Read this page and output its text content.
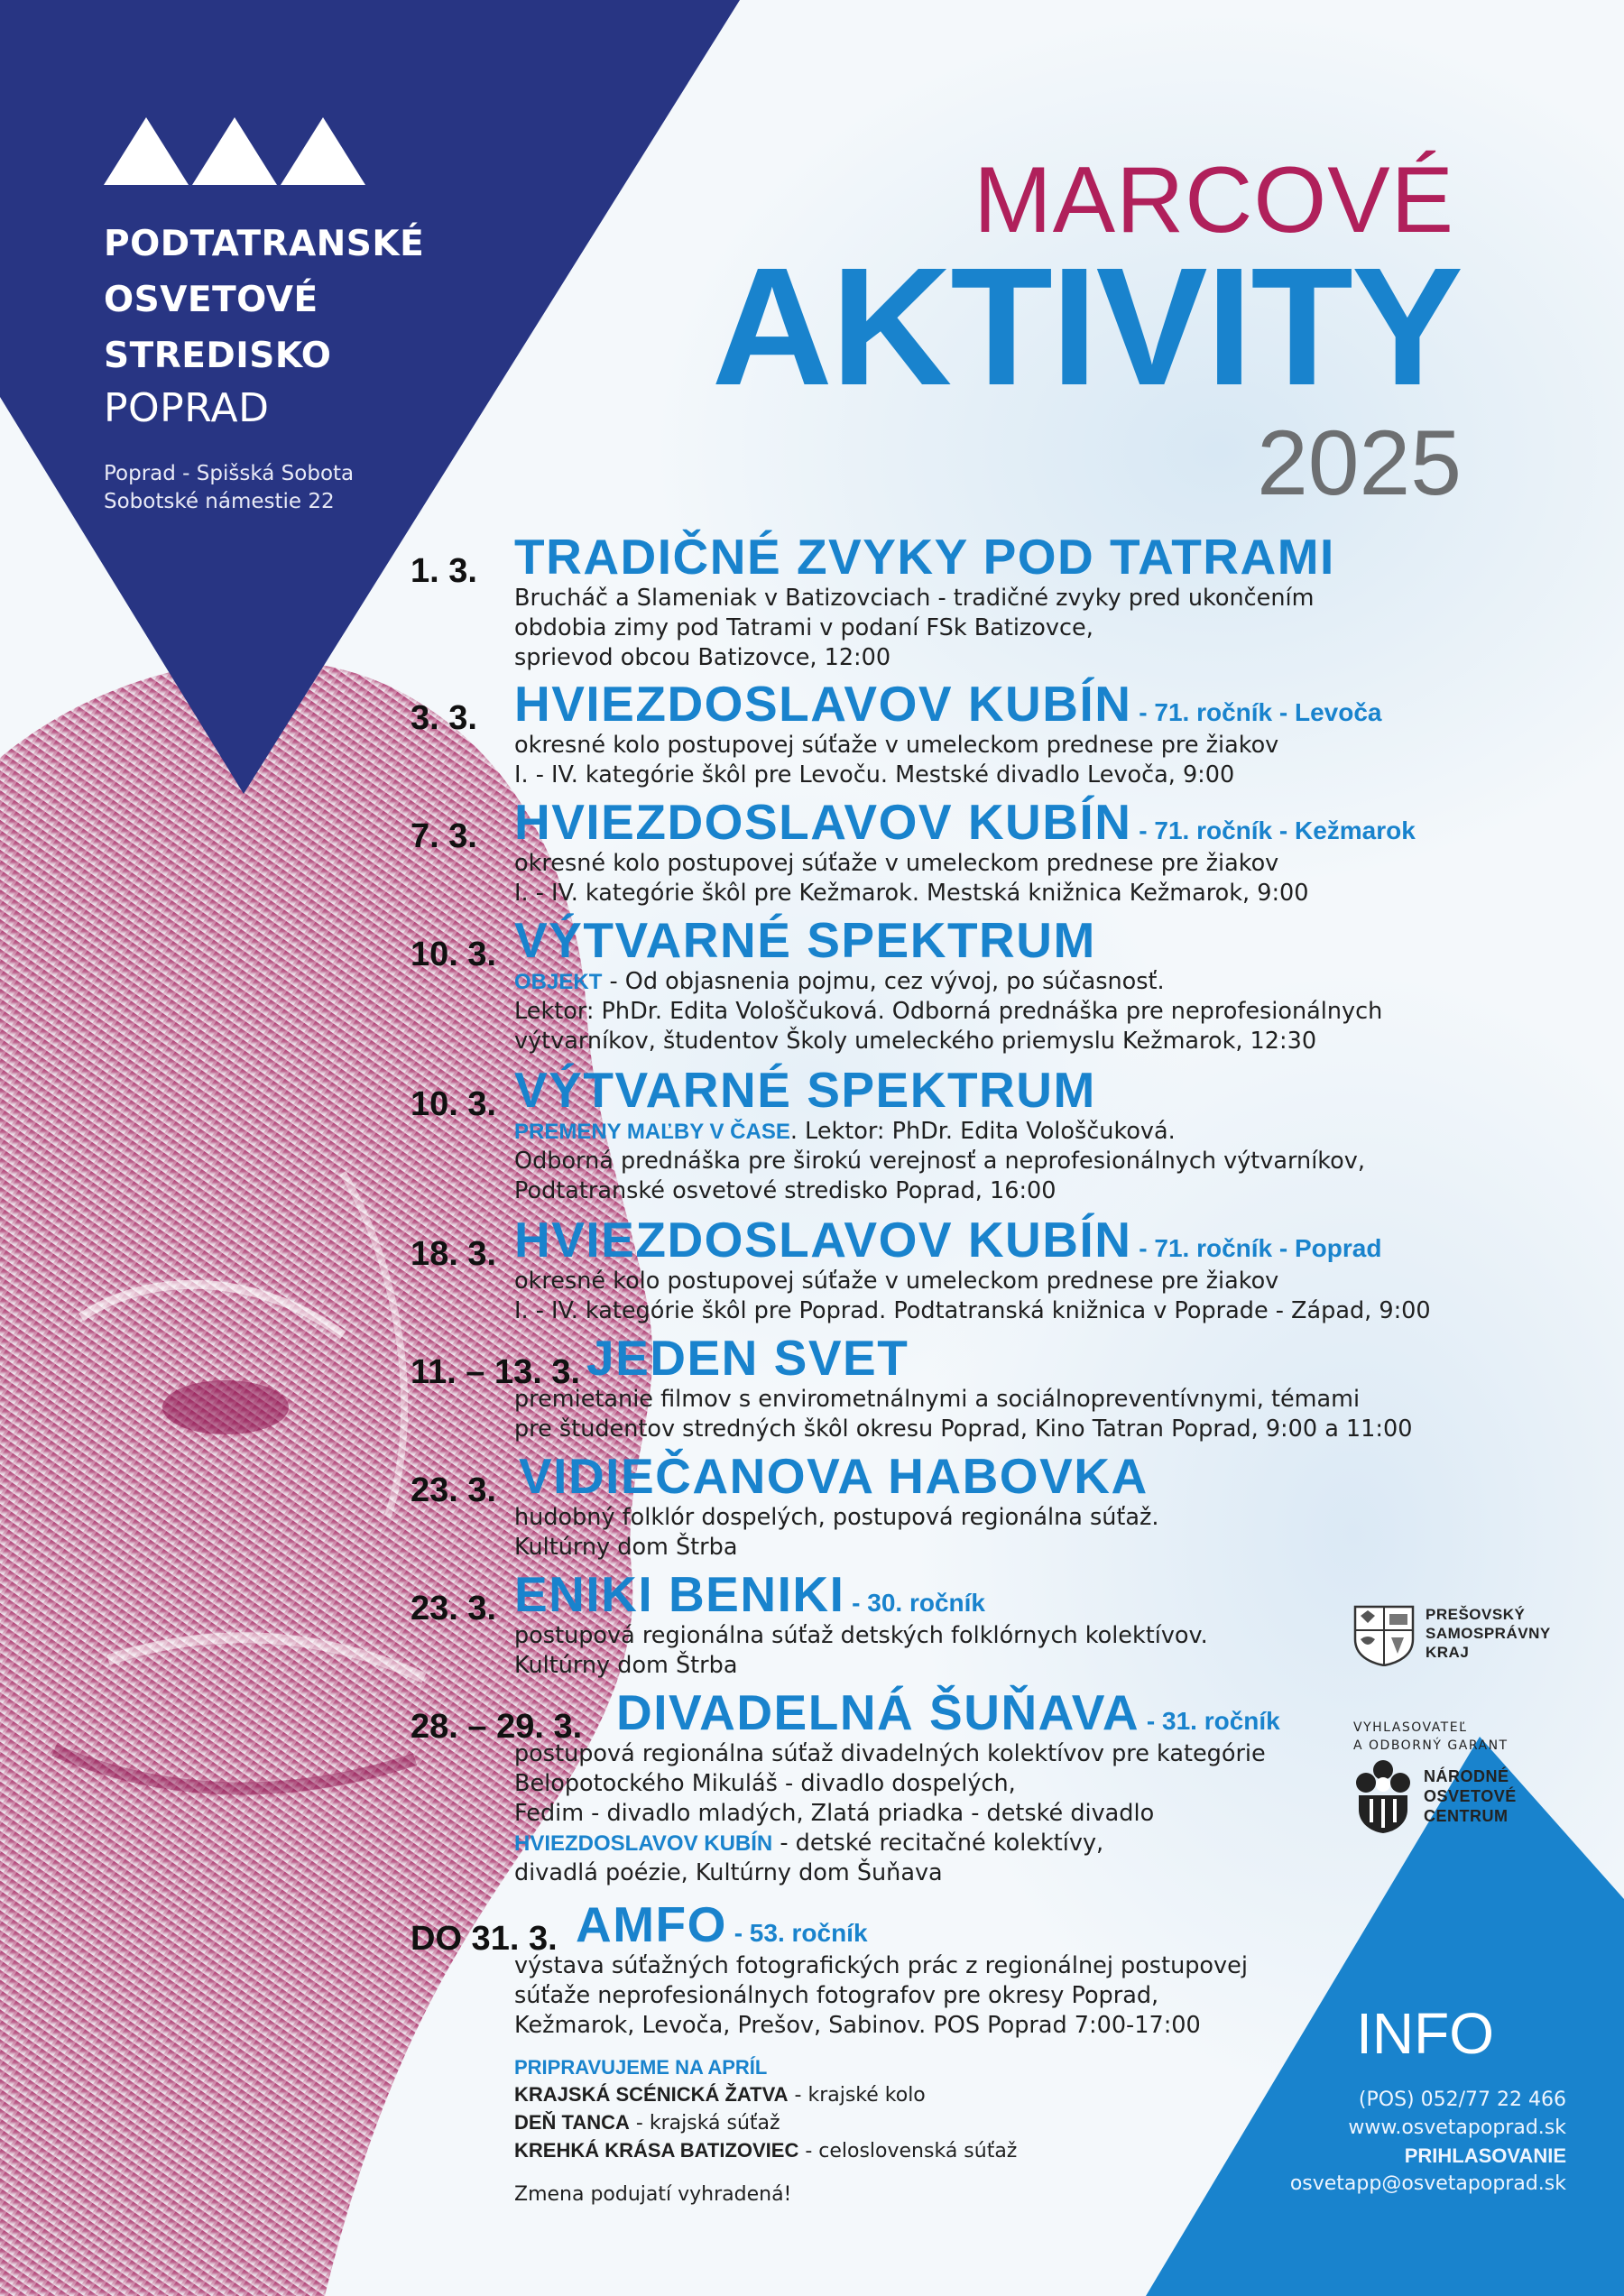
PODTATRANSKÉ
OSVETOVÉ
STREDISKO
POPRAD
Poprad - Spišská Sobota
Sobotské námestie 22
MARCOVÉ
AKTIVITY
2025
1. 3. TRADIČNÉ ZVYKY POD TATRAMI
Brucháč a Slameniak v Batizovciach - tradičné zvyky pred ukončením
obdobia zimy pod Tatrami v podaní FSk Batizovce,
sprievod obcou Batizovce, 12:00
3. 3. HVIEZDOSLAVOV KUBÍN - 71. ročník - Levoča
okresné kolo postupovej súťaže v umeleckom prednese pre žiakov
I. - IV. kategórie škôl pre Levoču. Mestské divadlo Levoča, 9:00
7. 3. HVIEZDOSLAVOV KUBÍN - 71. ročník - Kežmarok
okresné kolo postupovej súťaže v umeleckom prednese pre žiakov
I. - IV. kategórie škôl pre Kežmarok. Mestská knižnica Kežmarok, 9:00
10. 3. VÝTVARNÉ SPEKTRUM
OBJEKT - Od objasnenia pojmu, cez vývoj, po súčasnosť.
Lektor: PhDr. Edita Vološčuková. Odborná prednáška pre neprofesionálnych
výtvarníkov, študentov Školy umeleckého priemyslu Kežmarok, 12:30
10. 3. VÝTVARNÉ SPEKTRUM
PREMENY MAĽBY V ČASE. Lektor: PhDr. Edita Vološčuková.
Odborná prednáška pre širokú verejnosť a neprofesionálnych výtvarníkov,
Podtatranské osvetové stredisko Poprad, 16:00
18. 3. HVIEZDOSLAVOV KUBÍN - 71. ročník - Poprad
okresné kolo postupovej súťaže v umeleckom prednese pre žiakov
I. - IV. kategórie škôl pre Poprad. Podtatranská knižnica v Poprade - Západ, 9:00
11. – 13. 3. JEDEN SVET
premietanie filmov s envirometnálnymi a sociálnopreventívnymi, témami
pre študentov stredných škôl okresu Poprad, Kino Tatran Poprad, 9:00 a 11:00
23. 3. VIDIEČANOVA HABOVKA
hudobný folklór dospelých, postupová regionálna súťaž.
Kultúrny dom Štrba
23. 3. ENIKI BENIKI - 30. ročník
postupová regionálna súťaž detských folklórnych kolektívov.
Kultúrny dom Štrba
28. – 29. 3. DIVADELNÁ ŠUŇAVA - 31. ročník
postupová regionálna súťaž divadelných kolektívov pre kategórie
Belopotockého Mikuláš - divadlo dospelých,
Fedim - divadlo mladých, Zlatá priadka - detské divadlo
HVIEZDOSLAVOV KUBÍN - detské recitačné kolektívy,
divadlá poézie, Kultúrny dom Šuňava
DO 31. 3. AMFO - 53. ročník
výstava súťažných fotografických prác z regionálnej postupovej
súťaže neprofesionálnych fotografov pre okresy Poprad,
Kežmarok, Levoča, Prešov, Sabinov. POS Poprad 7:00-17:00
PRIPRAVUJEME NA APRÍL
KRAJSKÁ SCÉNICKÁ ŽATVA - krajské kolo
DEŇ TANCA - krajská súťaž
KREHKÁ KRÁSA BATIZOVIEC - celoslovenská súťaž
Zmena podujatí vyhradená!
PREŠOVSKÝ
SAMOSPRÁVNY
KRAJ
VYHLASOVATEĽ
A ODBORNÝ GARANT
NÁRODNÉ
OSVETOVÉ
CENTRUM
INFO
(POS) 052/77 22 466
www.osvetapoprad.sk
PRIHLASOVANIE
osvetapp@osvetapoprad.sk
